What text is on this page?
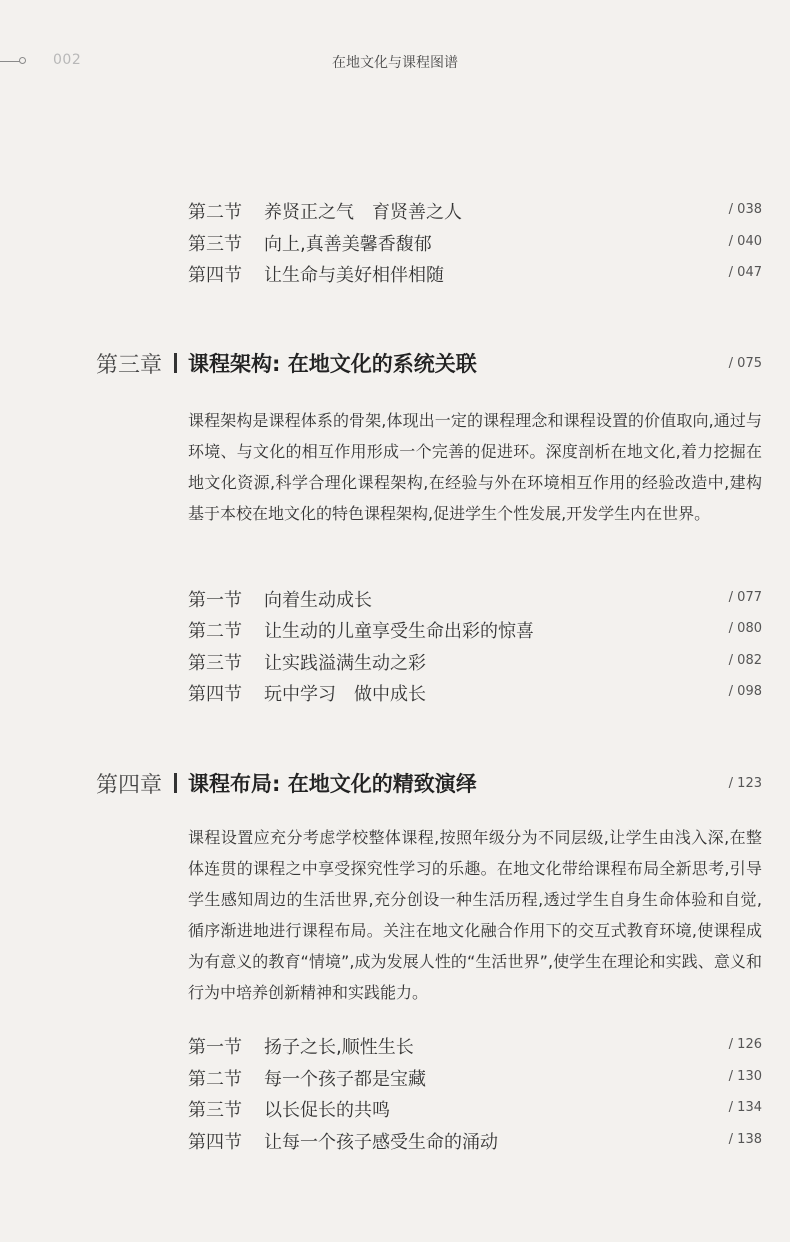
002	在地文化与课程图谱
第二节 养贤正之气　育贤善之人	/ 038
第三节 向上,真善美馨香馥郁	/ 040
第四节 让生命与美好相伴相随	/ 047
第三章 课程架构: 在地文化的系统关联	/ 075
课程架构是课程体系的骨架,体现出一定的课程理念和课程设置的价值取向,通过与环境、与文化的相互作用形成一个完善的促进环。深度剖析在地文化,着力挖掘在地文化资源,科学合理化课程架构,在经验与外在环境相互作用的经验改造中,建构基于本校在地文化的特色课程架构,促进学生个性发展,开发学生内在世界。
第一节 向着生动成长	/ 077
第二节 让生动的儿童享受生命出彩的惊喜	/ 080
第三节 让实践溢满生动之彩	/ 082
第四节 玩中学习　做中成长	/ 098
第四章 课程布局: 在地文化的精致演绎	/ 123
课程设置应充分考虑学校整体课程,按照年级分为不同层级,让学生由浅入深,在整体连贯的课程之中享受探究性学习的乐趣。在地文化带给课程布局全新思考,引导学生感知周边的生活世界,充分创设一种生活历程,透过学生自身生命体验和自觉,循序渐进地进行课程布局。关注在地文化融合作用下的交互式教育环境,使课程成为有意义的教育“情境”,成为发展人性的“生活世界”,使学生在理论和实践、意义和行为中培养创新精神和实践能力。
第一节 扬子之长,顺性生长	/ 126
第二节 每一个孩子都是宝藏	/ 130
第三节 以长促长的共鸣	/ 134
第四节 让每一个孩子感受生命的涌动	/ 138
